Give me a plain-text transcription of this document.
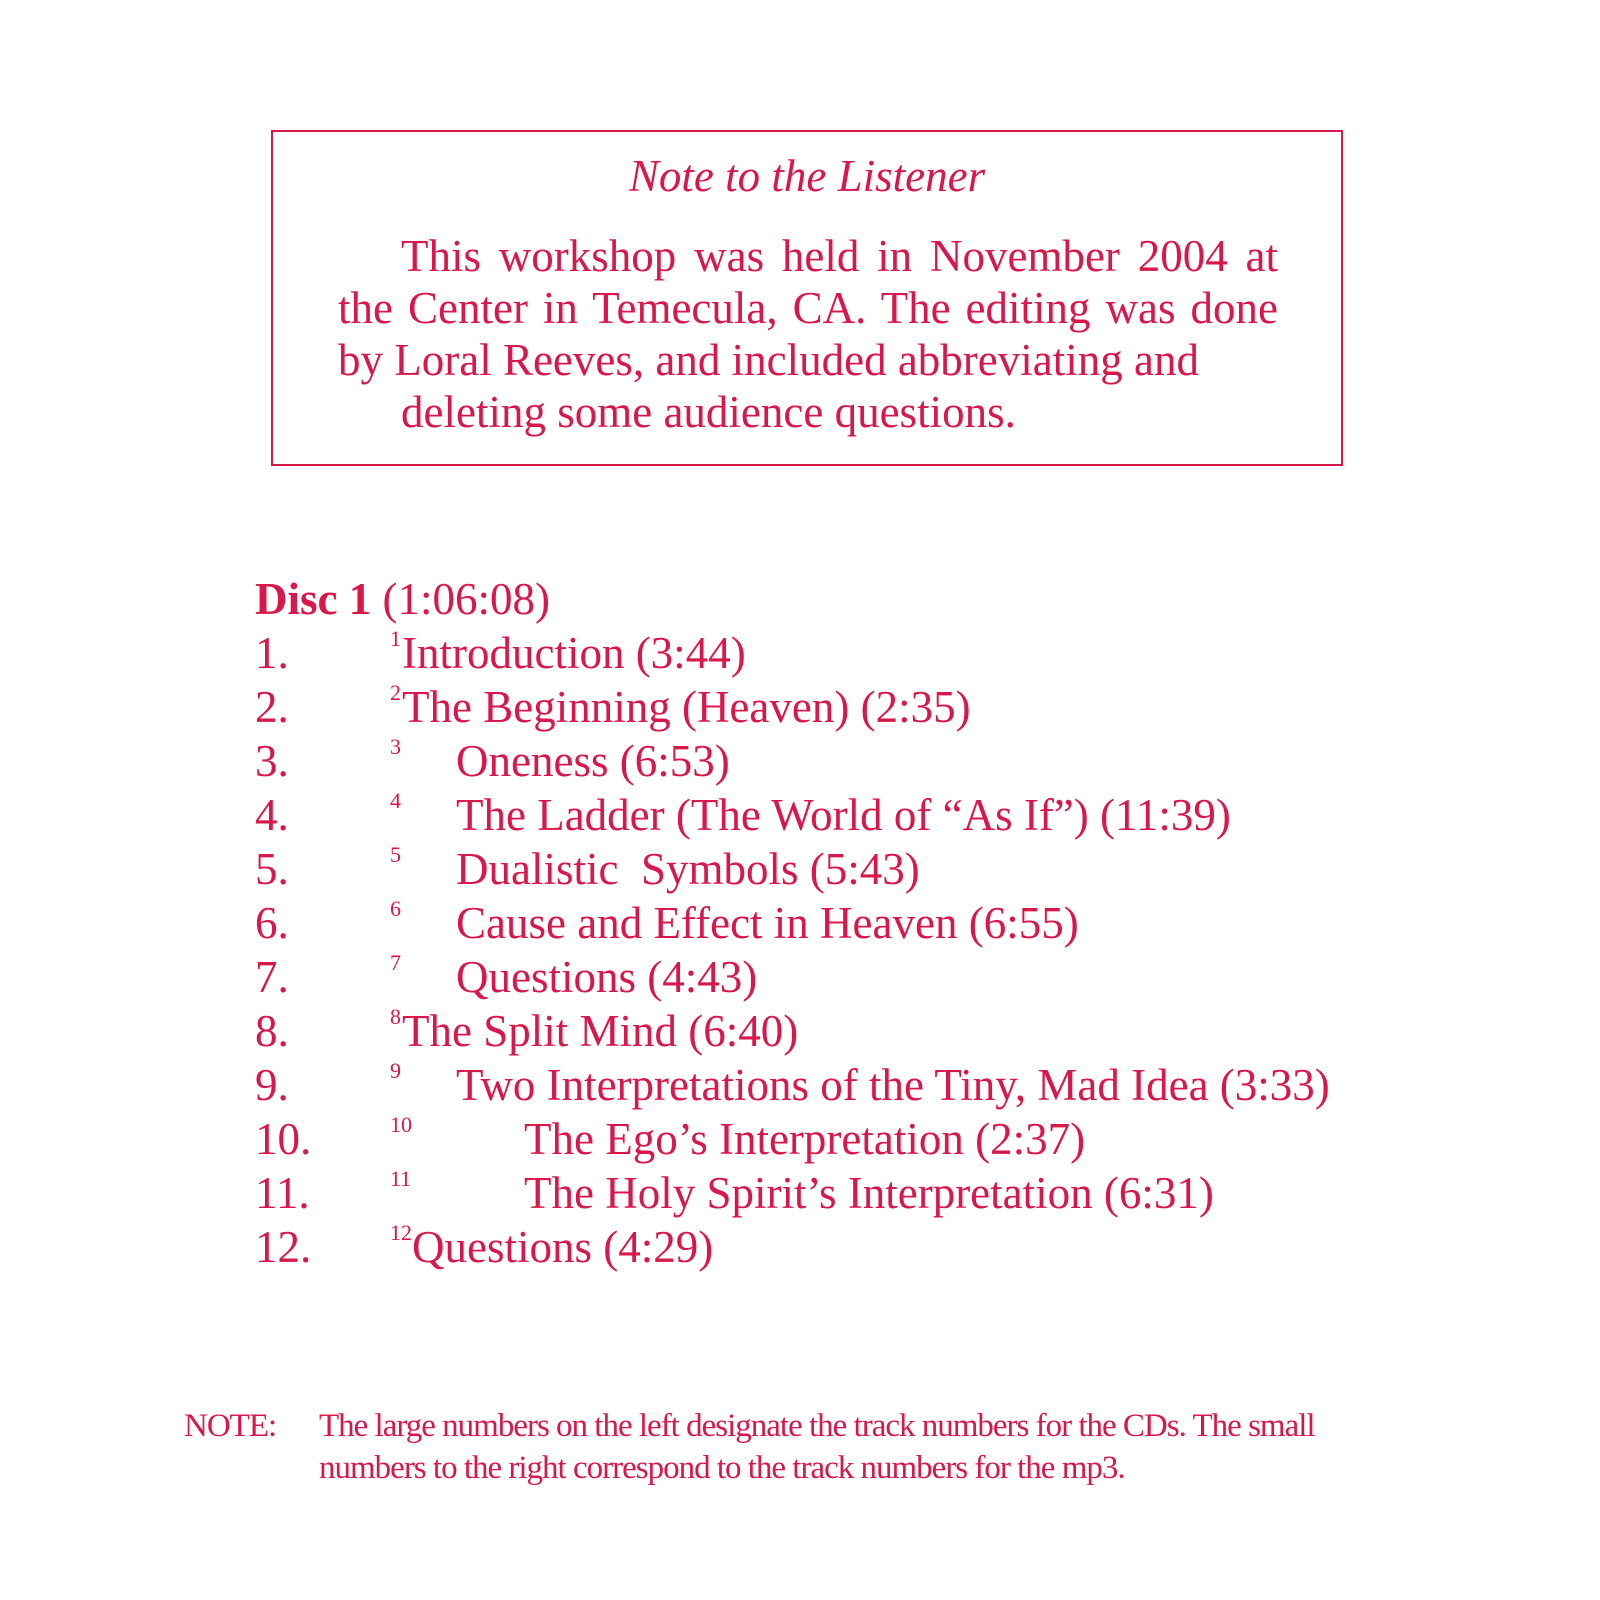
Note to the Listener
This workshop was held in November 2004 at the Center in Temecula, CA. The editing was done by Loral Reeves, and included abbreviating and
deleting some audience questions.
Disc 1 (1:06:08)
1.	1 Introduction (3:44)
2.	2 The Beginning (Heaven) (2:35)
3.	3 Oneness (6:53)
4.	4 The Ladder (The World of “As If”) (11:39)
5.	5 Dualistic  Symbols (5:43)
6.	6 Cause and Effect in Heaven (6:55)
7.	7 Questions (4:43)
8.	8 The Split Mind (6:40)
9.	9 Two Interpretations of the Tiny, Mad Idea (3:33)
10.	10 The Ego’s Interpretation (2:37)
11.	11	The Holy Spirit’s Interpretation (6:31)
12.	12 Questions (4:29)
NOTE: The large numbers on the left designate the track numbers for the CDs. The small numbers to the right correspond to the track numbers for the mp3.
